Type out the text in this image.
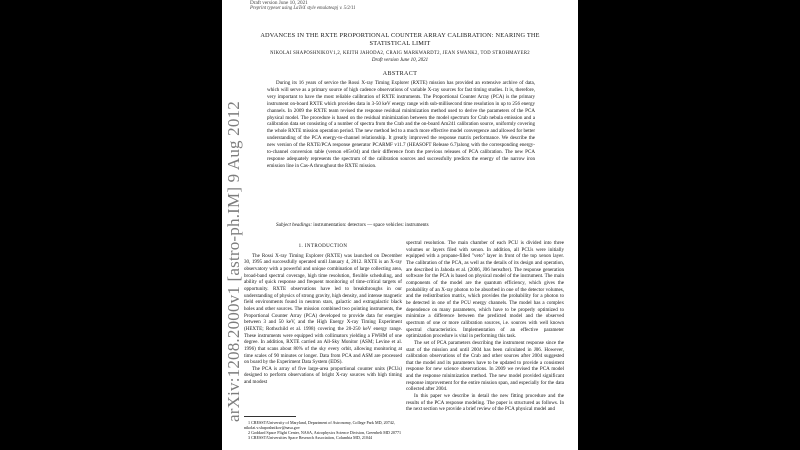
Draft version June 10, 2021
Preprint typeset using LaTeX style emulateapj v. 5/2/11
ADVANCES IN THE RXTE PROPORTIONAL COUNTER ARRAY CALIBRATION: NEARING THE STATISTICAL LIMIT
NIKOLAI SHAPOSHNIKOV1,2, KEITH JAHODA2, CRAIG MARKWARDT2, JEAN SWANK2, TOD STROHMAYER2
Draft version June 10, 2021
ABSTRACT
During its 16 years of service the Rossi X-ray Timing Explorer (RXTE) mission has provided an extensive archive of data, which will serve as a primary source of high cadence observations of variable X-ray sources for fast timing studies. It is, therefore, very important to have the most reliable calibration of RXTE instruments. The Proportional Counter Array (PCA) is the primary instrument on-board RXTE which provides data in 3-50 keV energy range with sub-millisecond time resolution in up to 256 energy channels. In 2009 the RXTE team revised the response residual minimization method used to derive the parameters of the PCA physical model. The procedure is based on the residual minimization between the model spectrum for Crab nebula emission and a calibration data set consisting of a number of spectra from the Crab and the on-board Am241 calibration source, uniformly covering the whole RXTE mission operation period. The new method led to a much more effective model convergence and allowed for better understanding of the PCA energy-to-channel relationship. It greatly improved the response matrix performance. We describe the new version of the RXTE/PCA response generator PCARMF v11.7 (HEASOFT Release 6.7)along with the corresponding energy-to-channel conversion table (verson e05v04) and their difference from the previous releases of PCA calibration. The new PCA response adequately represents the spectrum of the calibration sources and successfully predicts the energy of the narrow iron emission line in Cas-A throughout the RXTE mission.
Subject headings: instrumentation: detectors — space vehicles: instruments
1. INTRODUCTION

The Rossi X-ray Timing Explorer (RXTE) was launched on December 30, 1995 and successfully operated until January 4, 2012. RXTE is an X-ray observatory with a powerful and unique combination of large collecting area, broad-band spectral coverage, high time resolution, flexible scheduling, and ability of quick response and frequent monitoring of time-critical targets of opportunity. RXTE observations have led to breakthroughs in our understanding of physics of strong gravity, high density, and intense magnetic field environments found in neutron stars, galactic and extragalactic black holes and other sources. The mission combined two pointing instruments, the Proportional Counter Array (PCA) developed to provide data for energies between 3 and 50 keV, and the High Energy X-ray Timing Experiment (HEXTE; Rothschild et al. 1998) covering the 20-250 keV energy range. These instruments were equipped with collimators yielding a FWHM of one degree. In addition, RXTE carried an All-Sky Monitor (ASM; Levine et al. 1996) that scans about 80% of the sky every orbit, allowing monitoring at time scales of 90 minutes or longer. Data from PCA and ASM are processed on board by the Experiment Data System (EDS).

The PCA is array of five large-area proportional counter units (PCUs) designed to perform observations of bright X-ray sources with high timing and modest

spectral resolution. The main chamber of each PCU is divided into three volumes or layers filed with xenon. In addition, all PCUs were initially equipped with a propane-filled "veto" layer in front of the top xenon layer. The calibration of the PCA, as well as the details of its design and operation, are described in Jahoda et al. (2006, J06 hereafter). The response generation software for the PCA is based on physical model of the instrument. The main components of the model are the quantum efficiency, which gives the probability of an X-ray photon to be absorbed in one of the detector volumes, and the redistribution matrix, which provides the probability for a photon to be detected in one of the PCU energy channels. The model has a complex dependence on many parameters, which have to be properly optimized to minimize a difference between the predicted model and the observed spectrum of one or more calibration sources, i.e. sources with well known spectral characteristics. Implementation of an effective parameter optimization procedure is vital in performing this task.

The set of PCA parameters describing the instrument response since the start of the mission and until 2004 has been calculated in J06. However, calibration observations of the Crab and other sources after 2004 suggested that the model and its parameters have to be updated to provide a consistent response for new science observations. In 2009 we revised the PCA model and the response minimization method. The new model provided significant response improvement for the entire mission span, and especially for the data collected after 2004.

In this paper we describe in detail the new fitting procedure and the results of the PCA response modeling. The paper is structured as follows. In the next section we provide a brief review of the PCA physical model and

1 CRESST/University of Maryland, Department of Astronomy, College Park MD, 20742, nikolai.v.shaposhnikov@nasa.gov

2 Goddard Space Flight Center, NASA, Astrophysics Science Division, Greenbelt MD 20771

3 CRESST/Universities Space Research Association, Columbia MD, 21044

arXiv:1208.2000v1 [astro-ph.IM] 9 Aug 2012
